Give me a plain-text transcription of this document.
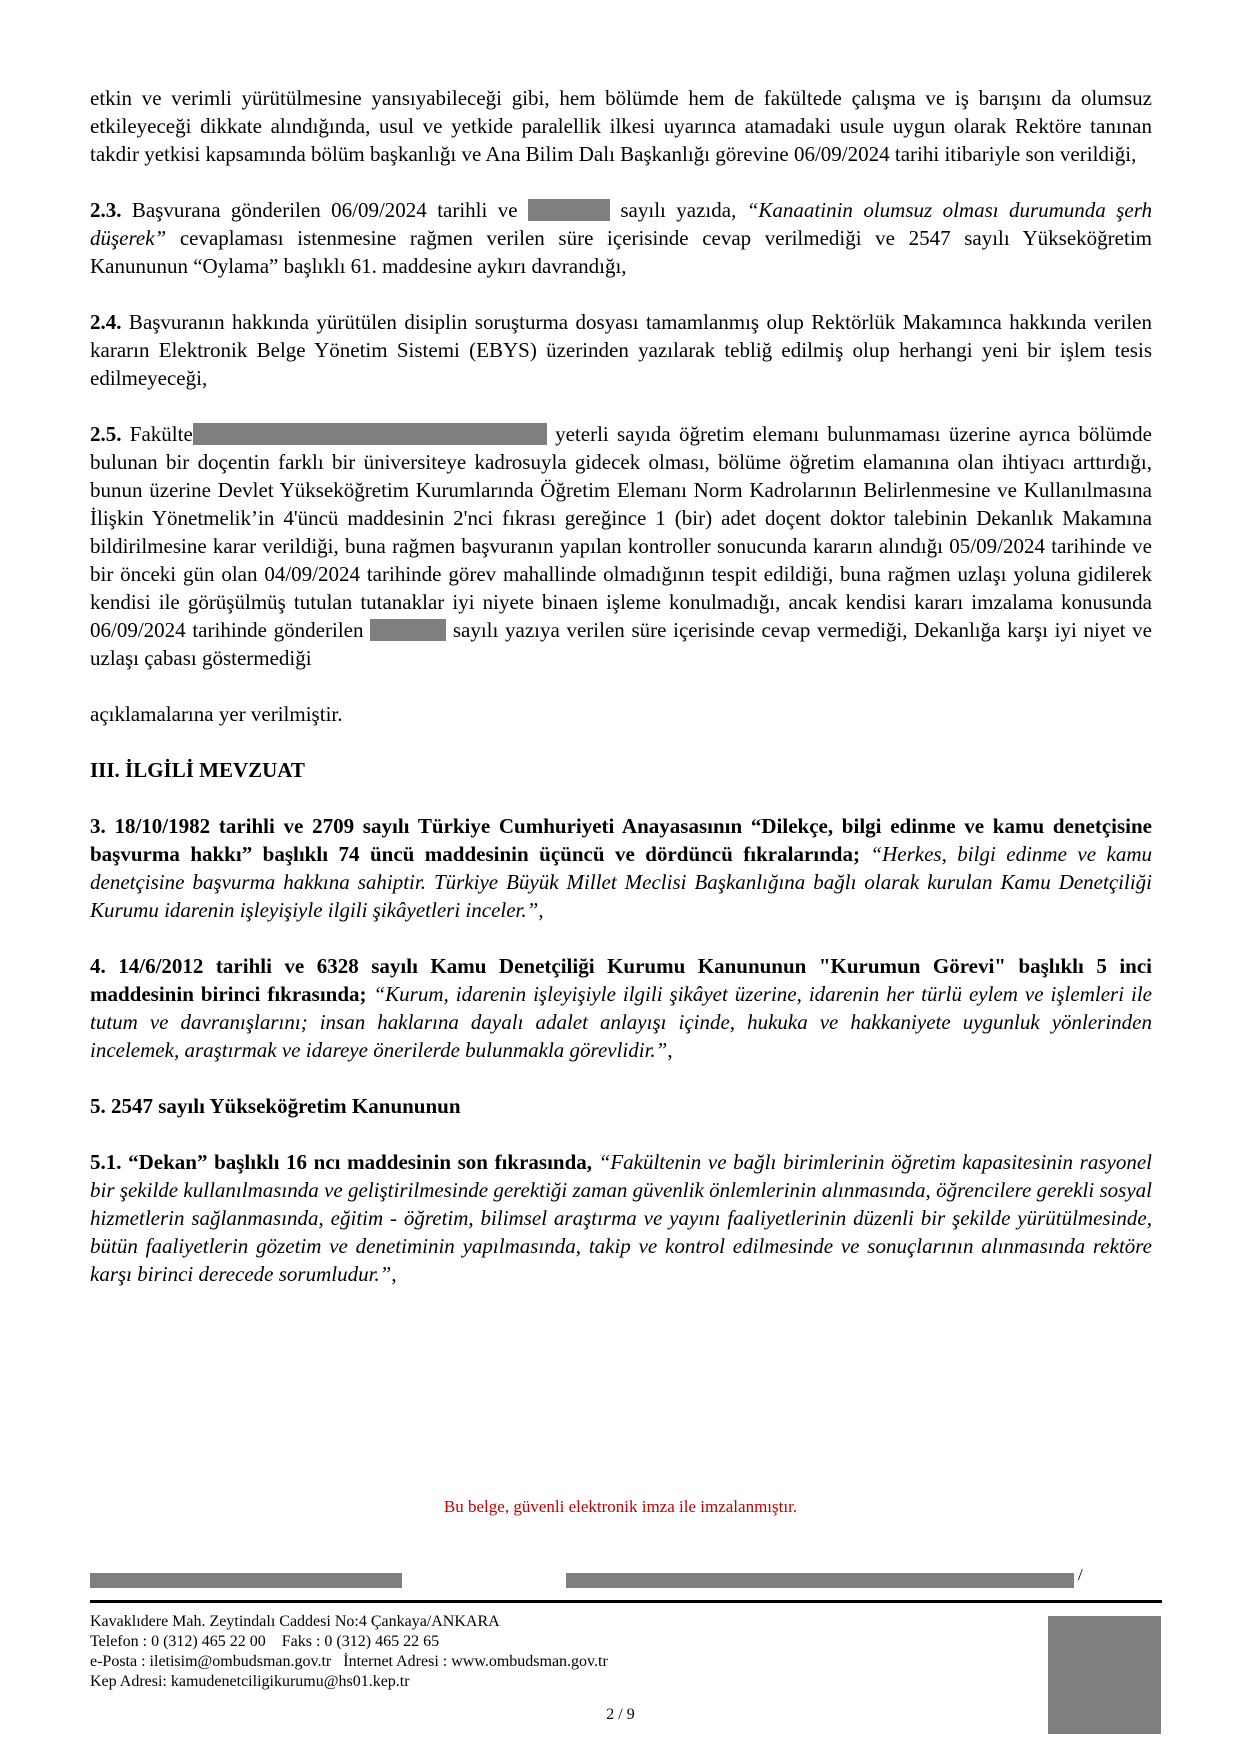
etkin ve verimli yürütülmesine yansıyabileceği gibi, hem bölümde hem de fakültede çalışma ve iş barışını da olumsuz etkileyeceği dikkate alındığında, usul ve yetkide paralellik ilkesi uyarınca atamadaki usule uygun olarak Rektöre tanınan takdir yetkisi kapsamında bölüm başkanlığı ve Ana Bilim Dalı Başkanlığı görevine 06/09/2024 tarihi itibariyle son verildiği,

2.3. Başvurana gönderilen 06/09/2024 tarihli ve	sayılı yazıda, “Kanaatinin olumsuz olması durumunda şerh düşerek” cevaplaması istenmesine rağmen verilen süre içerisinde cevap verilmediği ve 2547 sayılı Yükseköğretim Kanununun “Oylama” başlıklı 61. maddesine aykırı davrandığı,

2.4. Başvuranın hakkında yürütülen disiplin soruşturma dosyası tamamlanmış olup Rektörlük Makamınca hakkında verilen kararın Elektronik Belge Yönetim Sistemi (EBYS) üzerinden yazılarak tebliğ edilmiş olup herhangi yeni bir işlem tesis edilmeyeceği,

2.5. Fakülte	yeterli sayıda öğretim elemanı bulunmaması üzerine ayrıca bölümde bulunan bir doçentin farklı bir üniversiteye kadrosuyla gidecek olması, bölüme öğretim elamanına olan ihtiyacı arttırdığı, bunun üzerine Devlet Yükseköğretim Kurumlarında Öğretim Elemanı Norm Kadrolarının Belirlenmesine ve Kullanılmasına İlişkin Yönetmelik’in 4'üncü maddesinin 2'nci fıkrası gereğince 1 (bir) adet doçent doktor talebinin Dekanlık Makamına bildirilmesine karar verildiği, buna rağmen başvuranın yapılan kontroller sonucunda kararın alındığı 05/09/2024 tarihinde ve bir önceki gün olan 04/09/2024 tarihinde görev mahallinde olmadığının tespit edildiği, buna rağmen uzlaşı yoluna gidilerek kendisi ile görüşülmüş tutulan tutanaklar iyi niyete binaen işleme konulmadığı, ancak kendisi kararı imzalama konusunda 06/09/2024 tarihinde gönderilen	sayılı yazıya verilen süre içerisinde cevap vermediği, Dekanlığa karşı iyi niyet ve uzlaşı çabası göstermediği

açıklamalarına yer verilmiştir.

III. İLGİLİ MEVZUAT

3. 18/10/1982 tarihli ve 2709 sayılı Türkiye Cumhuriyeti Anayasasının “Dilekçe, bilgi edinme ve kamu denetçisine başvurma hakkı” başlıklı 74 üncü maddesinin üçüncü ve dördüncü fıkralarında; “Herkes, bilgi edinme ve kamu denetçisine başvurma hakkına sahiptir. Türkiye Büyük Millet Meclisi Başkanlığına bağlı olarak kurulan Kamu Denetçiliği Kurumu idarenin işleyişiyle ilgili şikâyetleri inceler.”,

4. 14/6/2012 tarihli ve 6328 sayılı Kamu Denetçiliği Kurumu Kanununun "Kurumun Görevi" başlıklı 5 inci maddesinin birinci fıkrasında; “Kurum, idarenin işleyişiyle ilgili şikâyet üzerine, idarenin her türlü eylem ve işlemleri ile tutum ve davranışlarını; insan haklarına dayalı adalet anlayışı içinde, hukuka ve hakkaniyete uygunluk yönlerinden incelemek, araştırmak ve idareye önerilerde bulunmakla görevlidir.”,

5. 2547 sayılı Yükseköğretim Kanununun

5.1. “Dekan” başlıklı 16 ncı maddesinin son fıkrasında, “Fakültenin ve bağlı birimlerinin öğretim kapasitesinin rasyonel bir şekilde kullanılmasında ve geliştirilmesinde gerektiği zaman güvenlik önlemlerinin alınmasında, öğrencilere gerekli sosyal hizmetlerin sağlanmasında, eğitim - öğretim, bilimsel araştırma ve yayını faaliyetlerinin düzenli bir şekilde yürütülmesinde, bütün faaliyetlerin gözetim ve denetiminin yapılmasında, takip ve kontrol edilmesinde ve sonuçlarının alınmasında rektöre karşı birinci derecede sorumludur.”,

Bu belge, güvenli elektronik imza ile imzalanmıştır.
/
Kavaklıdere Mah. Zeytindalı Caddesi No:4 Çankaya/ANKARA
Telefon : 0 (312) 465 22 00    Faks : 0 (312) 465 22 65
e-Posta : iletisim@ombudsman.gov.tr   İnternet Adresi : www.ombudsman.gov.tr
Kep Adresi: kamudenetciligikurumu@hs01.kep.tr
2 / 9
